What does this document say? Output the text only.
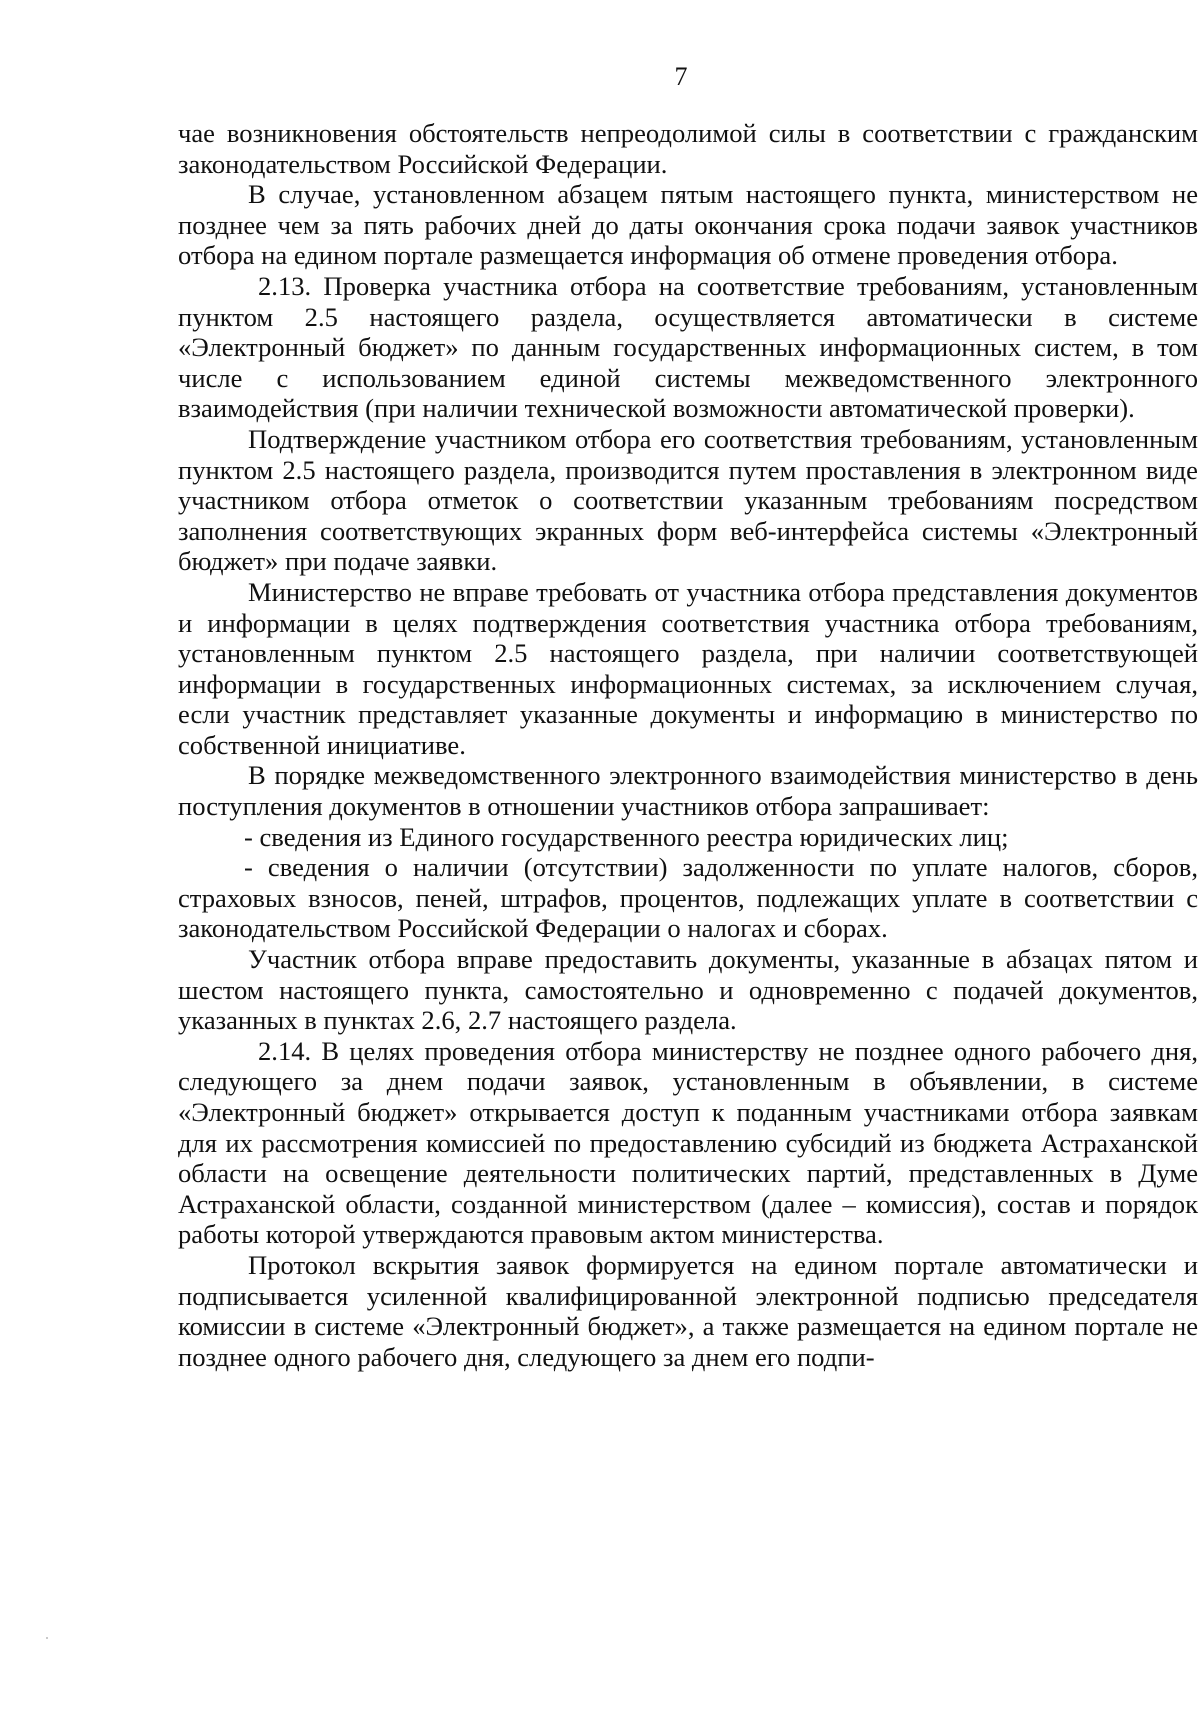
7

чае возникновения обстоятельств непреодолимой силы в соответствии с гражданским законодательством Российской Федерации.

В случае, установленном абзацем пятым настоящего пункта, министерством не позднее чем за пять рабочих дней до даты окончания срока подачи заявок участников отбора на едином портале размещается информация об отмене проведения отбора.

2.13. Проверка участника отбора на соответствие требованиям, установленным пунктом 2.5 настоящего раздела, осуществляется автоматически в системе «Электронный бюджет» по данным государственных информационных систем, в том числе с использованием единой системы межведомственного электронного взаимодействия (при наличии технической возможности автоматической проверки).

Подтверждение участником отбора его соответствия требованиям, установленным пунктом 2.5 настоящего раздела, производится путем проставления в электронном виде участником отбора отметок о соответствии указанным требованиям посредством заполнения соответствующих экранных форм веб-интерфейса системы «Электронный бюджет» при подаче заявки.

Министерство не вправе требовать от участника отбора представления документов и информации в целях подтверждения соответствия участника отбора требованиям, установленным пунктом 2.5 настоящего раздела, при наличии соответствующей информации в государственных информационных системах, за исключением случая, если участник представляет указанные документы и информацию в министерство по собственной инициативе.

В порядке межведомственного электронного взаимодействия министерство в день поступления документов в отношении участников отбора запрашивает:

- сведения из Единого государственного реестра юридических лиц;

- сведения о наличии (отсутствии) задолженности по уплате налогов, сборов, страховых взносов, пеней, штрафов, процентов, подлежащих уплате в соответствии с законодательством Российской Федерации о налогах и сборах.

Участник отбора вправе предоставить документы, указанные в абзацах пятом и шестом настоящего пункта, самостоятельно и одновременно с подачей документов, указанных в пунктах 2.6, 2.7 настоящего раздела.

2.14. В целях проведения отбора министерству не позднее одного рабочего дня, следующего за днем подачи заявок, установленным в объявлении, в системе «Электронный бюджет» открывается доступ к поданным участниками отбора заявкам для их рассмотрения комиссией по предоставлению субсидий из бюджета Астраханской области на освещение деятельности политических партий, представленных в Думе Астраханской области, созданной министерством (далее – комиссия), состав и порядок работы которой утверждаются правовым актом министерства.

Протокол вскрытия заявок формируется на едином портале автоматически и подписывается усиленной квалифицированной электронной подписью председателя комиссии в системе «Электронный бюджет», а также размещается на едином портале не позднее одного рабочего дня, следующего за днем его подпи-
